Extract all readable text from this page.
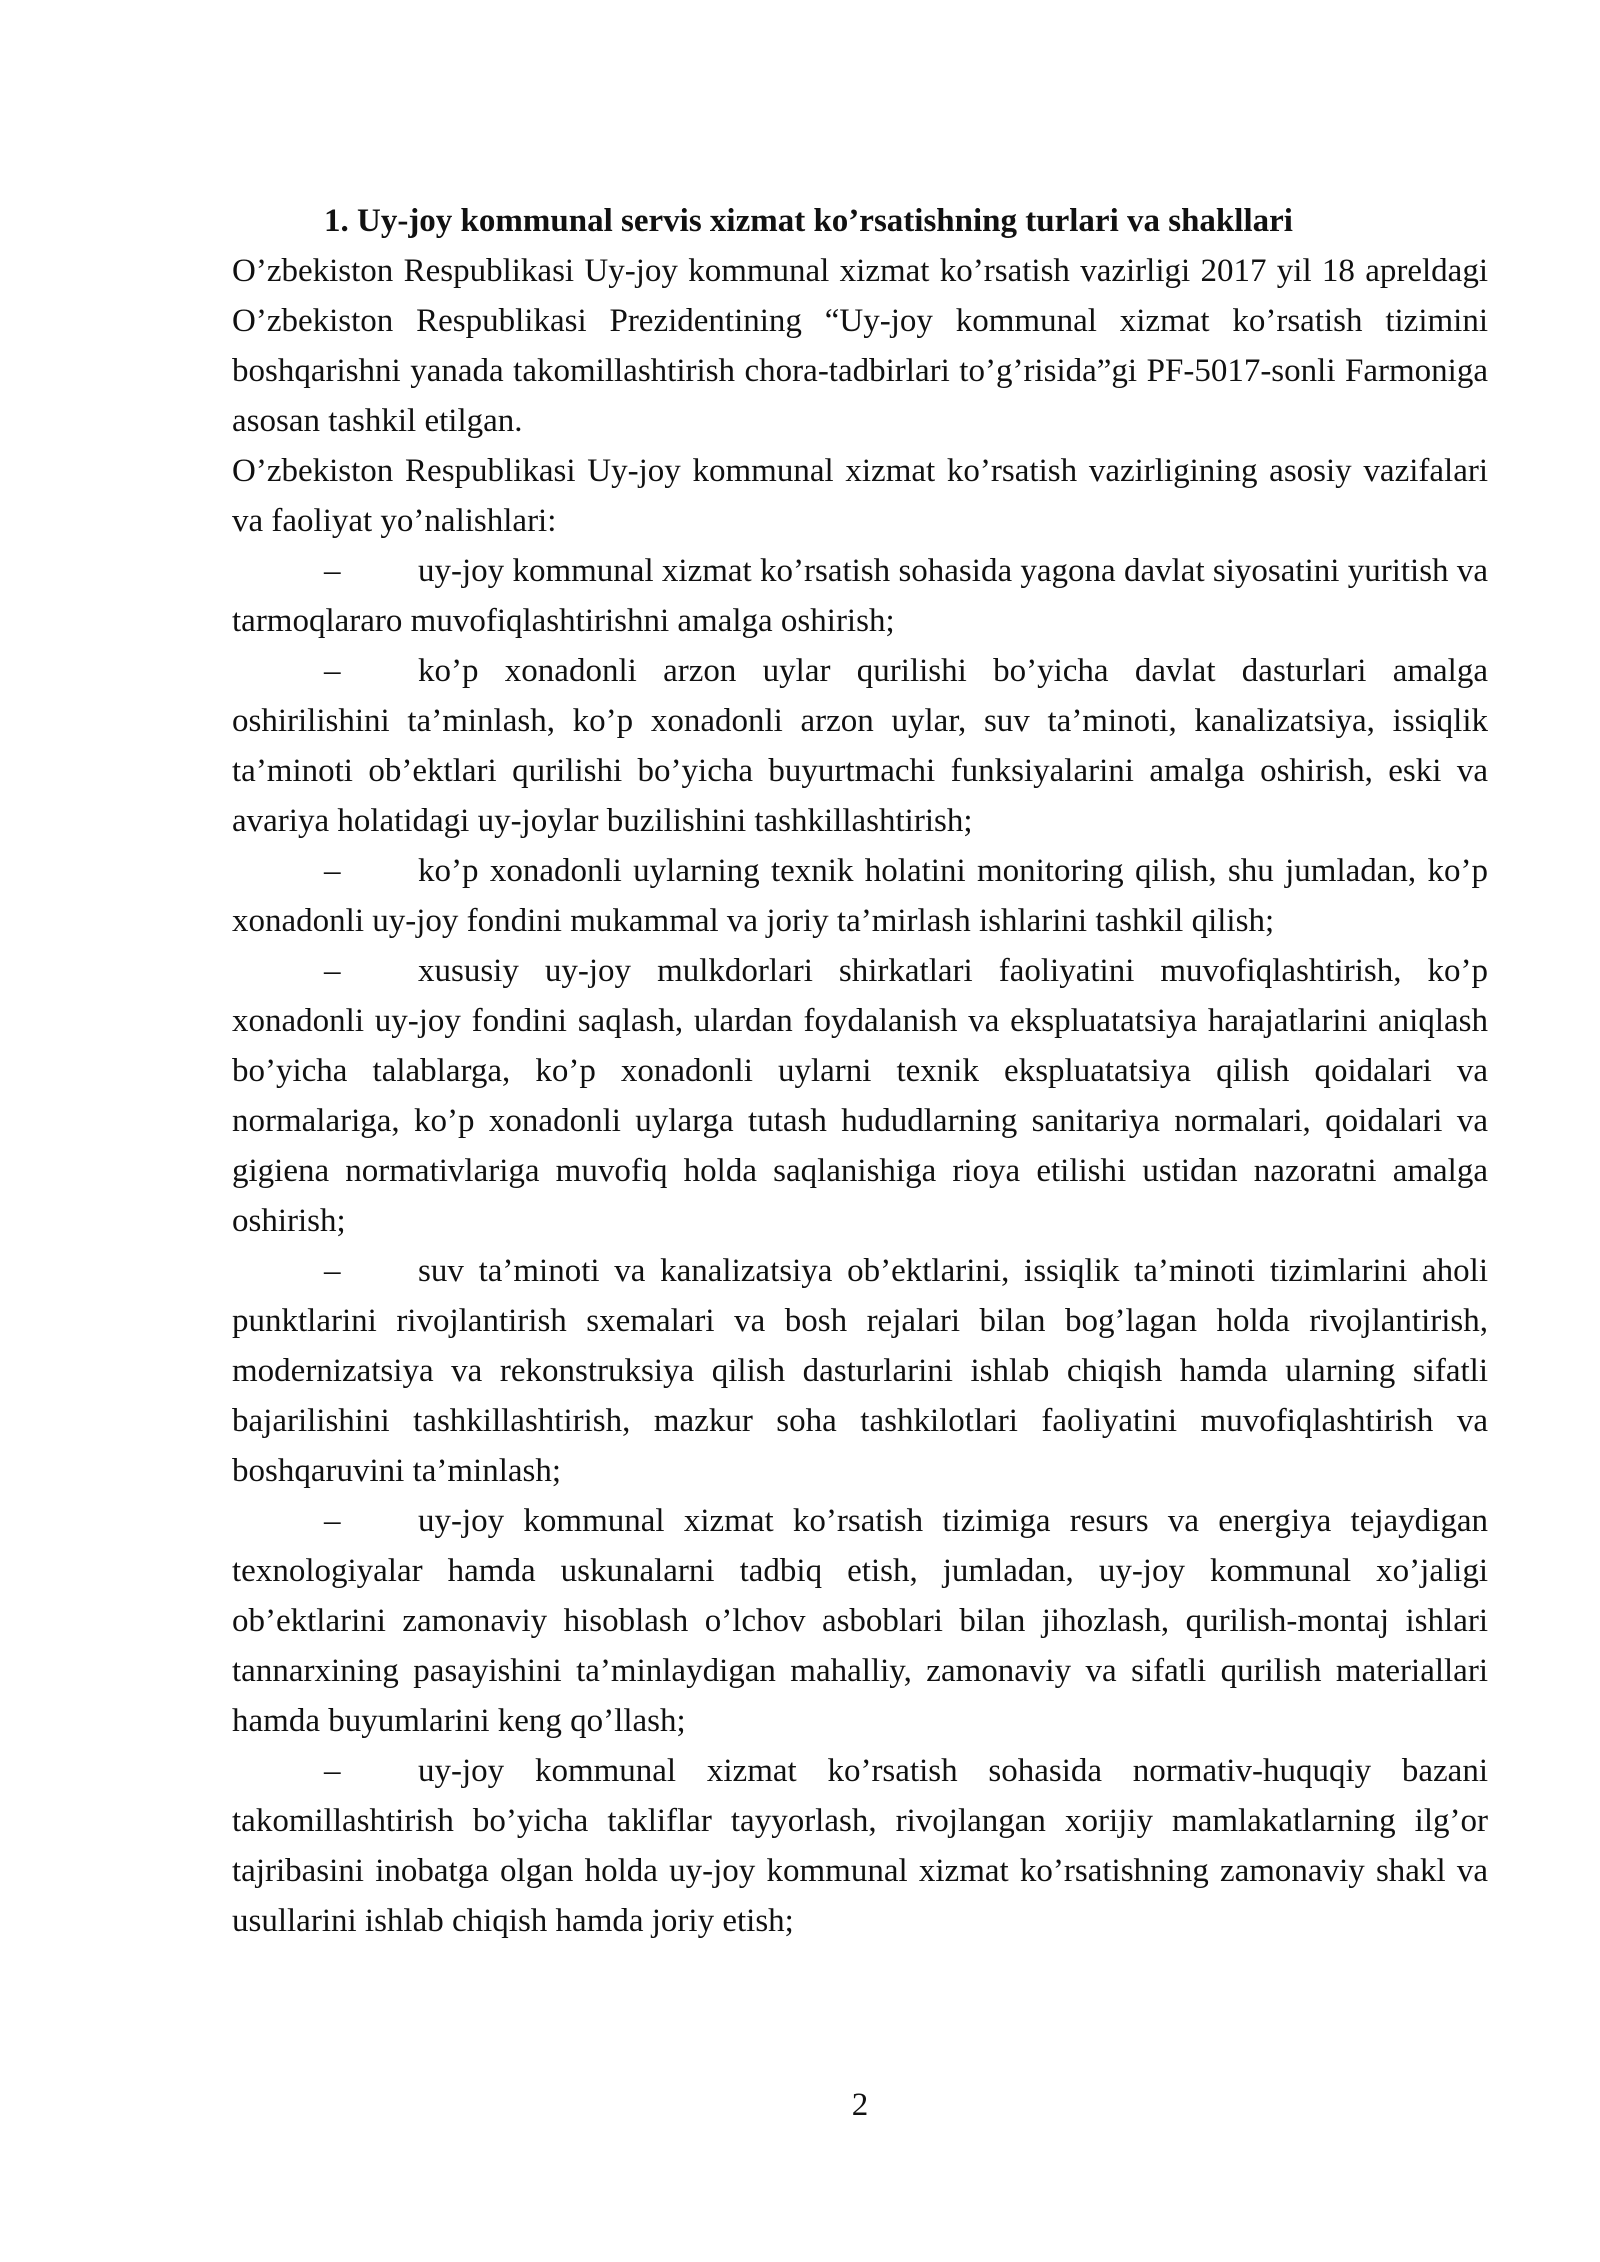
1. Uy-joy kommunal servis xizmat ko’rsatishning turlari va shakllari

O’zbekiston Respublikasi Uy-joy kommunal xizmat ko’rsatish vazirligi 2017 yil 18 apreldagi O’zbekiston Respublikasi Prezidentining “Uy-joy kommunal xizmat ko’rsatish tizimini boshqarishni yanada takomillashtirish chora-tadbirlari to’g’risida”gi PF-5017-sonli Farmoniga asosan tashkil etilgan.

O’zbekiston Respublikasi Uy-joy kommunal xizmat ko’rsatish vazirligining asosiy vazifalari va faoliyat yo’nalishlari:

– uy-joy kommunal xizmat ko’rsatish sohasida yagona davlat siyosatini yuritish va tarmoqlararo muvofiqlashtirishni amalga oshirish;
– ko’p xonadonli arzon uylar qurilishi bo’yicha davlat dasturlari amalga oshirilishini ta’minlash, ko’p xonadonli arzon uylar, suv ta’minoti, kanalizatsiya, issiqlik ta’minoti ob’ektlari qurilishi bo’yicha buyurtmachi funksiyalarini amalga oshirish, eski va avariya holatidagi uy-joylar buzilishini tashkillashtirish;
– ko’p xonadonli uylarning texnik holatini monitoring qilish, shu jumladan, ko’p xonadonli uy-joy fondini mukammal va joriy ta’mirlash ishlarini tashkil qilish;
– xususiy uy-joy mulkdorlari shirkatlari faoliyatini muvofiqlashtirish, ko’p xonadonli uy-joy fondini saqlash, ulardan foydalanish va ekspluatatsiya harajatlarini aniqlash bo’yicha talablarga, ko’p xonadonli uylarni texnik ekspluatatsiya qilish qoidalari va normalariga, ko’p xonadonli uylarga tutash hududlarning sanitariya normalari, qoidalari va gigiena normativlariga muvofiq holda saqlanishiga rioya etilishi ustidan nazoratni amalga oshirish;
– suv ta’minoti va kanalizatsiya ob’ektlarini, issiqlik ta’minoti tizimlarini aholi punktlarini rivojlantirish sxemalari va bosh rejalari bilan bog’lagan holda rivojlantirish, modernizatsiya va rekonstruksiya qilish dasturlarini ishlab chiqish hamda ularning sifatli bajarilishini tashkillashtirish, mazkur soha tashkilotlari faoliyatini muvofiqlashtirish va boshqaruvini ta’minlash;
– uy-joy kommunal xizmat ko’rsatish tizimiga resurs va energiya tejaydigan texnologiyalar hamda uskunalarni tadbiq etish, jumladan, uy-joy kommunal xo’jaligi ob’ektlarini zamonaviy hisoblash o’lchov asboblari bilan jihozlash, qurilish-montaj ishlari tannarxining pasayishini ta’minlaydigan mahalliy, zamonaviy va sifatli qurilish materiallari hamda buyumlarini keng qo’llash;
– uy-joy kommunal xizmat ko’rsatish sohasida normativ-huquqiy bazani takomillashtirish bo’yicha takliflar tayyorlash, rivojlangan xorijiy mamlakatlarning ilg’or tajribasini inobatga olgan holda uy-joy kommunal xizmat ko’rsatishning zamonaviy shakl va usullarini ishlab chiqish hamda joriy etish;
2
